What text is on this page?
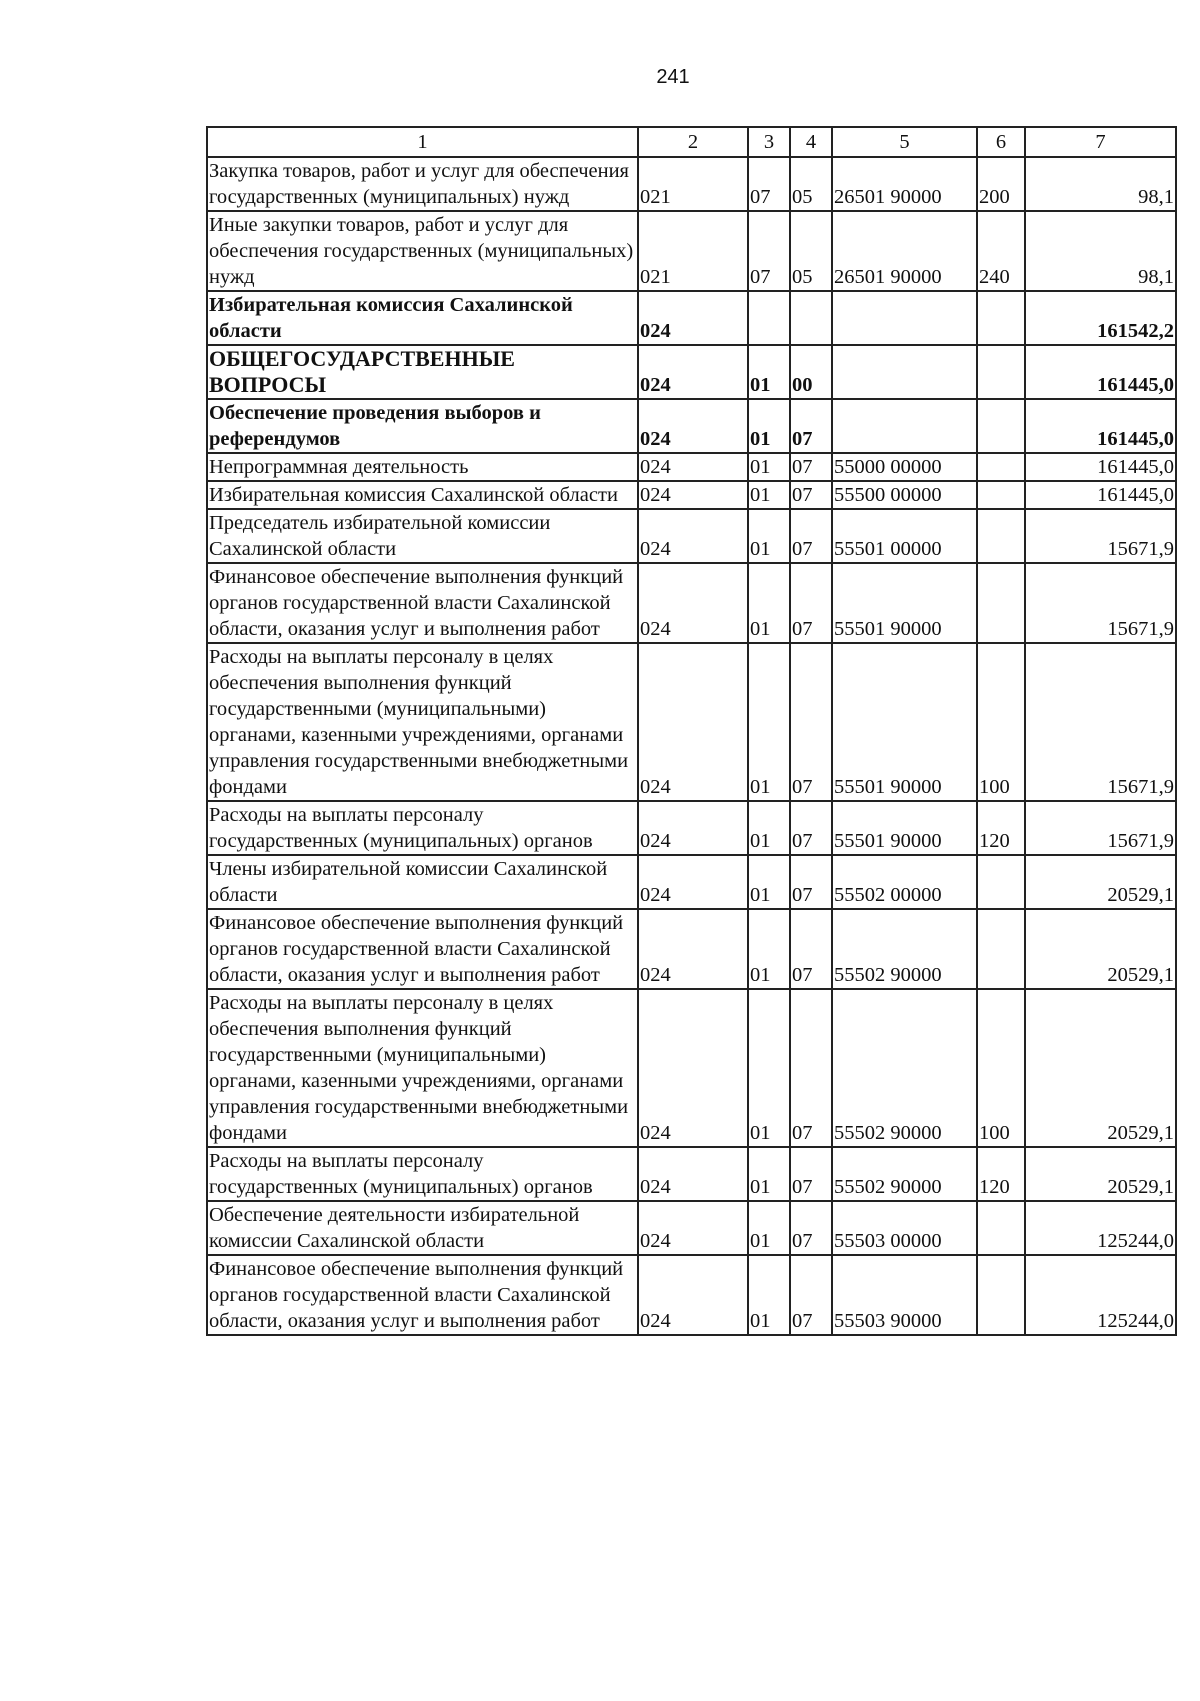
241
1	2	3	4	5	6	7
Закупка товаров, работ и услуг для обеспечения государственных (муниципальных) нужд	021	07	05	26501 90000	200	98,1
Иные закупки товаров, работ и услуг для обеспечения государственных (муниципальных) нужд	021	07	05	26501 90000	240	98,1
Избирательная комиссия Сахалинской области	024					161542,2
ОБЩЕГОСУДАРСТВЕННЫЕ ВОПРОСЫ	024	01	00			161445,0
Обеспечение проведения выборов и референдумов	024	01	07			161445,0
Непрограммная деятельность	024	01	07	55000 00000		161445,0
Избирательная комиссия Сахалинской области	024	01	07	55500 00000		161445,0
Председатель избирательной комиссии Сахалинской области	024	01	07	55501 00000		15671,9
Финансовое обеспечение выполнения функций органов государственной власти Сахалинской области, оказания услуг и выполнения работ	024	01	07	55501 90000		15671,9
Расходы на выплаты персоналу в целях обеспечения выполнения функций государственными (муниципальными) органами, казенными учреждениями, органами управления государственными внебюджетными фондами	024	01	07	55501 90000	100	15671,9
Расходы на выплаты персоналу государственных (муниципальных) органов	024	01	07	55501 90000	120	15671,9
Члены избирательной комиссии Сахалинской области	024	01	07	55502 00000		20529,1
Финансовое обеспечение выполнения функций органов государственной власти Сахалинской области, оказания услуг и выполнения работ	024	01	07	55502 90000		20529,1
Расходы на выплаты персоналу в целях обеспечения выполнения функций государственными (муниципальными) органами, казенными учреждениями, органами управления государственными внебюджетными фондами	024	01	07	55502 90000	100	20529,1
Расходы на выплаты персоналу государственных (муниципальных) органов	024	01	07	55502 90000	120	20529,1
Обеспечение деятельности избирательной комиссии Сахалинской области	024	01	07	55503 00000		125244,0
Финансовое обеспечение выполнения функций органов государственной власти Сахалинской области, оказания услуг и выполнения работ	024	01	07	55503 90000		125244,0
